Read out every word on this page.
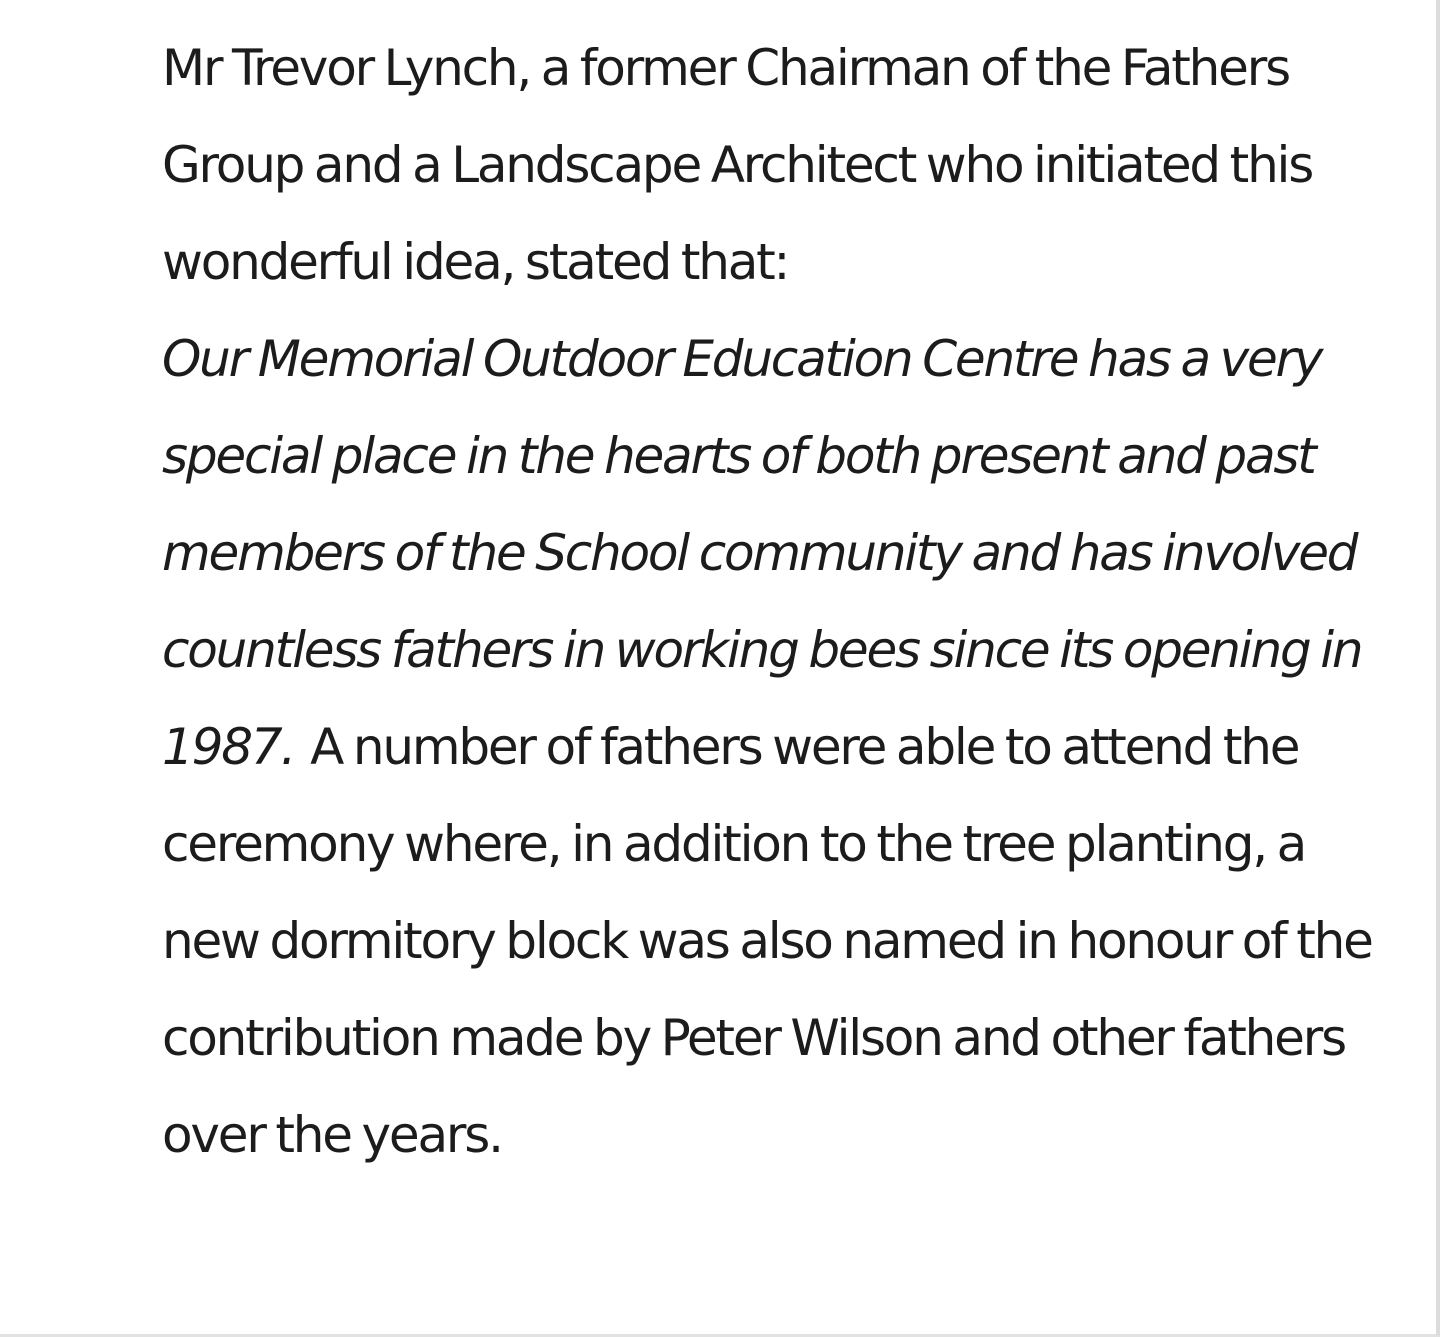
Mr Trevor Lynch, a former Chairman of the Fathers Group and a Landscape Architect who initiated this wonderful idea, stated that:
Our Memorial Outdoor Education Centre has a very special place in the hearts of both present and past members of the School community and has involved countless fathers in working bees since its opening in 1987. A number of fathers were able to attend the ceremony where, in addition to the tree planting, a new dormitory block was also named in honour of the contribution made by Peter Wilson and other fathers over the years.
